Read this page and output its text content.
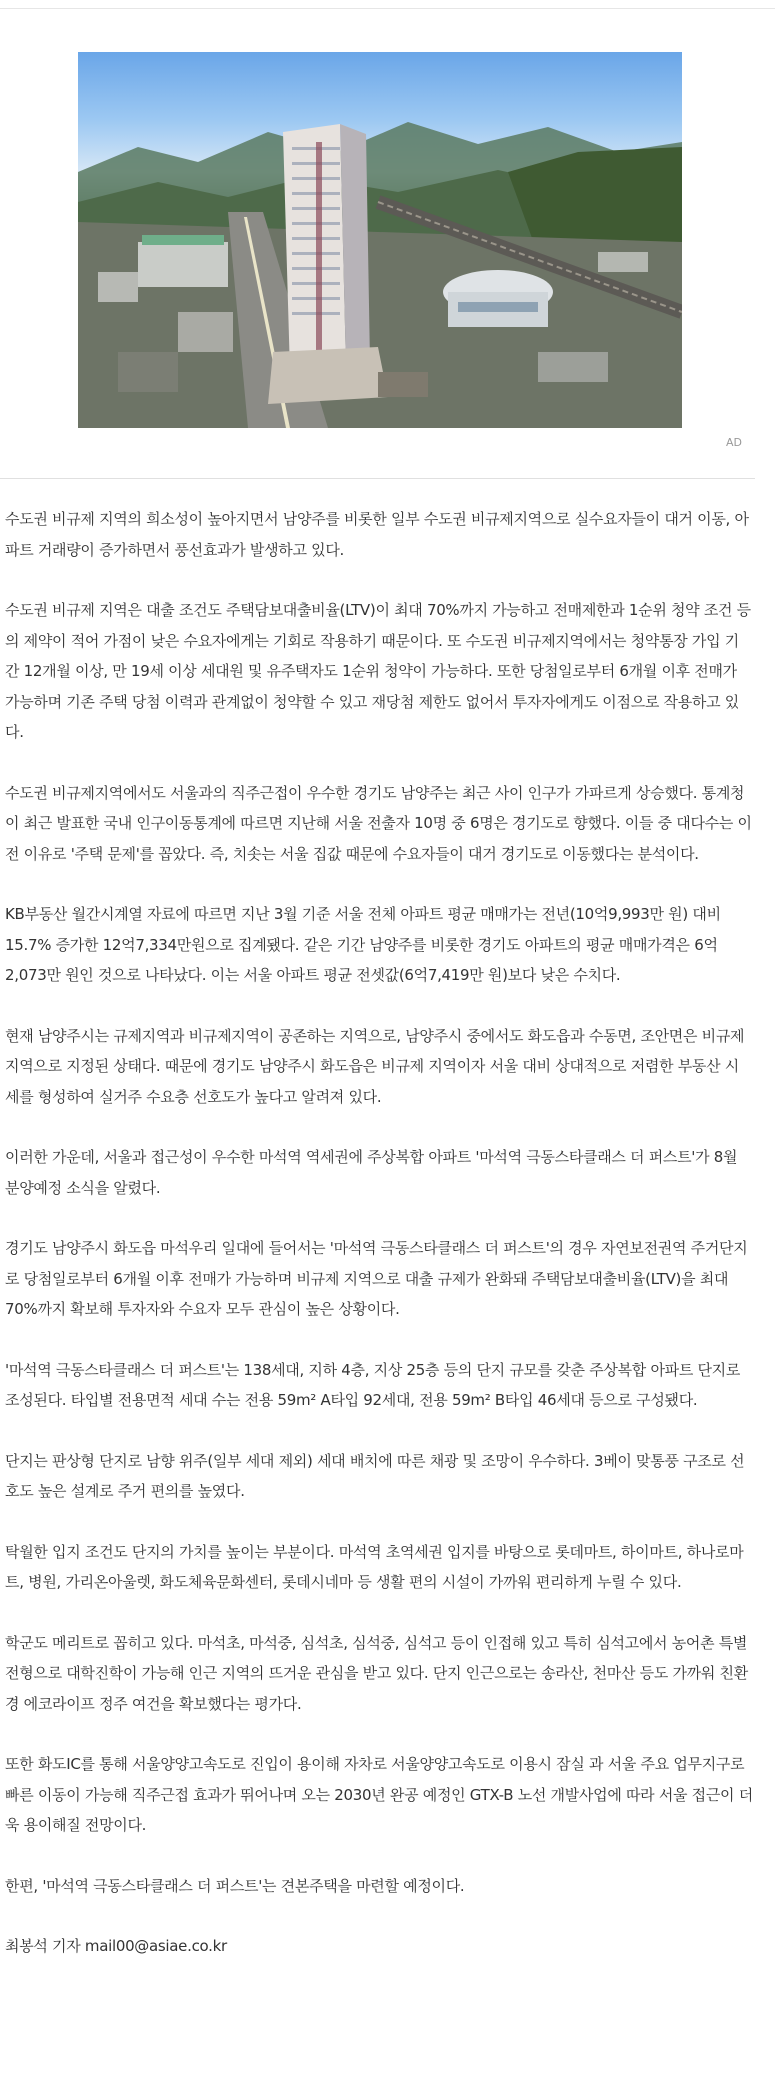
AD

수도권 비규제 지역의 희소성이 높아지면서 남양주를 비롯한 일부 수도권 비규제지역으로 실수요자들이 대거 이동, 아파트 거래량이 증가하면서 풍선효과가 발생하고 있다.

수도권 비규제 지역은 대출 조건도 주택담보대출비율(LTV)이 최대 70%까지 가능하고 전매제한과 1순위 청약 조건 등의 제약이 적어 가점이 낮은 수요자에게는 기회로 작용하기 때문이다. 또 수도권 비규제지역에서는 청약통장 가입 기간 12개월 이상, 만 19세 이상 세대원 및 유주택자도 1순위 청약이 가능하다. 또한 당첨일로부터 6개월 이후 전매가 가능하며 기존 주택 당첨 이력과 관계없이 청약할 수 있고 재당첨 제한도 없어서 투자자에게도 이점으로 작용하고 있다.

수도권 비규제지역에서도 서울과의 직주근접이 우수한 경기도 남양주는 최근 사이 인구가 가파르게 상승했다. 통계청이 최근 발표한 국내 인구이동통계에 따르면 지난해 서울 전출자 10명 중 6명은 경기도로 향했다. 이들 중 대다수는 이전 이유로 '주택 문제'를 꼽았다. 즉, 치솟는 서울 집값 때문에 수요자들이 대거 경기도로 이동했다는 분석이다.

KB부동산 월간시계열 자료에 따르면 지난 3월 기준 서울 전체 아파트 평균 매매가는 전년(10억9,993만 원) 대비 15.7% 증가한 12억7,334만원으로 집계됐다. 같은 기간 남양주를 비롯한 경기도 아파트의 평균 매매가격은 6억2,073만 원인 것으로 나타났다. 이는 서울 아파트 평균 전셋값(6억7,419만 원)보다 낮은 수치다.

현재 남양주시는 규제지역과 비규제지역이 공존하는 지역으로, 남양주시 중에서도 화도읍과 수동면, 조안면은 비규제지역으로 지정된 상태다. 때문에 경기도 남양주시 화도읍은 비규제 지역이자 서울 대비 상대적으로 저렴한 부동산 시세를 형성하여 실거주 수요층 선호도가 높다고 알려져 있다.

이러한 가운데, 서울과 접근성이 우수한 마석역 역세권에 주상복합 아파트 '마석역 극동스타클래스 더 퍼스트'가 8월 분양예정 소식을 알렸다.

경기도 남양주시 화도읍 마석우리 일대에 들어서는 '마석역 극동스타클래스 더 퍼스트'의 경우 자연보전권역 주거단지로 당첨일로부터 6개월 이후 전매가 가능하며 비규제 지역으로 대출 규제가 완화돼 주택담보대출비율(LTV)을 최대70%까지 확보해 투자자와 수요자 모두 관심이 높은 상황이다.

'마석역 극동스타클래스 더 퍼스트'는 138세대, 지하 4층, 지상 25층 등의 단지 규모를 갖춘 주상복합 아파트 단지로 조성된다. 타입별 전용면적 세대 수는 전용 59m² A타입 92세대, 전용 59m² B타입 46세대 등으로 구성됐다.

단지는 판상형 단지로 남향 위주(일부 세대 제외) 세대 배치에 따른 채광 및 조망이 우수하다. 3베이 맞통풍 구조로 선호도 높은 설계로 주거 편의를 높였다.

탁월한 입지 조건도 단지의 가치를 높이는 부분이다. 마석역 초역세권 입지를 바탕으로 롯데마트, 하이마트, 하나로마트, 병원, 가리온아울렛, 화도체육문화센터, 롯데시네마 등 생활 편의 시설이 가까워 편리하게 누릴 수 있다.

학군도 메리트로 꼽히고 있다. 마석초, 마석중, 심석초, 심석중, 심석고 등이 인접해 있고 특히 심석고에서 농어촌 특별전형으로 대학진학이 가능해 인근 지역의 뜨거운 관심을 받고 있다. 단지 인근으로는 송라산, 천마산 등도 가까워 친환경 에코라이프 정주 여건을 확보했다는 평가다.

또한 화도IC를 통해 서울양양고속도로 진입이 용이해 자차로 서울양양고속도로 이용시 잠실 과 서울 주요 업무지구로 빠른 이동이 가능해 직주근접 효과가 뛰어나며 오는 2030년 완공 예정인 GTX-B 노선 개발사업에 따라 서울 접근이 더욱 용이해질 전망이다.

한편, '마석역 극동스타클래스 더 퍼스트'는 견본주택을 마련할 예정이다.

최봉석 기자 mail00@asiae.co.kr
